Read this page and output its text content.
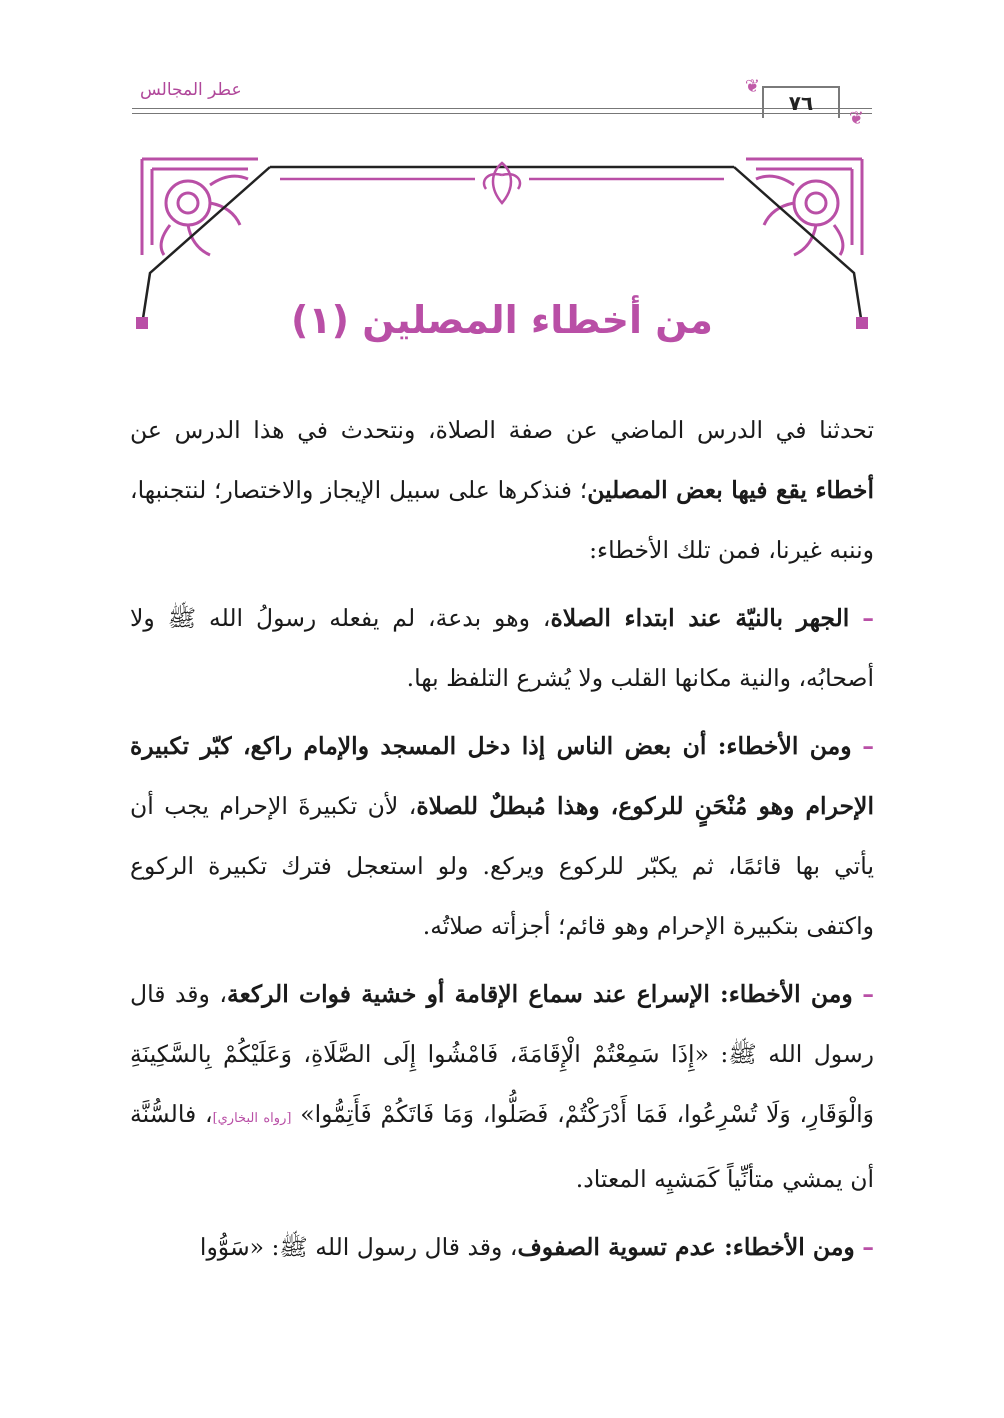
عطر المجالس	❦
❦
٧٦
من أخطاء المصلين (١)

تحدثنا في الدرس الماضي عن صفة الصلاة، ونتحدث في هذا الدرس عن أخطاء يقع فيها بعض المصلين؛ فنذكرها على سبيل الإيجاز والاختصار؛ لنتجنبها، وننبه غيرنا، فمن تلك الأخطاء:

– الجهر بالنيّة عند ابتداء الصلاة، وهو بدعة، لم يفعله رسولُ الله ﷺ ولا أصحابُه، والنية مكانها القلب ولا يُشرع التلفظ بها.

– ومن الأخطاء: أن بعض الناس إذا دخل المسجد والإمام راكع، كبّر تكبيرة الإحرام وهو مُنْحَنٍ للركوع، وهذا مُبطلٌ للصلاة، لأن تكبيرةَ الإحرام يجب أن يأتي بها قائمًا، ثم يكبّر للركوع ويركع. ولو استعجل فترك تكبيرة الركوع واكتفى بتكبيرة الإحرام وهو قائم؛ أجزأته صلاتُه.

– ومن الأخطاء: الإسراع عند سماع الإقامة أو خشية فوات الركعة، وقد قال رسول الله ﷺ: «إِذَا سَمِعْتُمْ الْإِقَامَةَ، فَامْشُوا إِلَى الصَّلَاةِ، وَعَلَيْكُمْ بِالسَّكِينَةِ وَالْوَقَارِ، وَلَا تُسْرِعُوا، فَمَا أَدْرَكْتُمْ، فَصَلُّوا، وَمَا فَاتَكُمْ فَأَتِمُّوا» [رواه البخاري]، فالسُّنَّة أن يمشي متأنِّياً كَمَشيِه المعتاد.

– ومن الأخطاء: عدم تسوية الصفوف، وقد قال رسول الله ﷺ: «سَوُّوا
